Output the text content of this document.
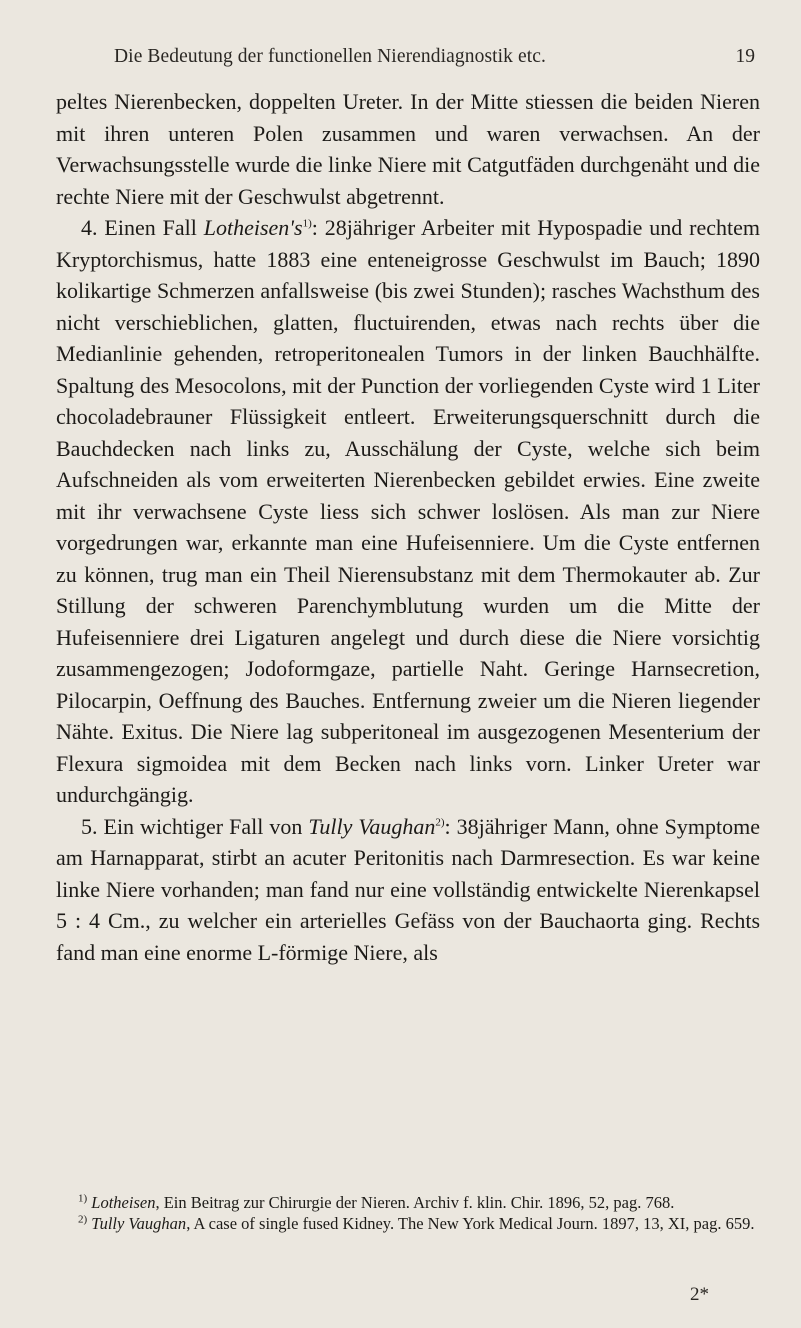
Die Bedeutung der functionellen Nierendiagnostik etc.	19

peltes Nierenbecken, doppelten Ureter. In der Mitte stiessen die beiden Nieren mit ihren unteren Polen zusammen und waren verwachsen. An der Verwachsungsstelle wurde die linke Niere mit Catgutfäden durchgenäht und die rechte Niere mit der Geschwulst abgetrennt.

4. Einen Fall Lotheisen's$^{1)}$: 28jähriger Arbeiter mit Hypospadie und rechtem Kryptorchismus, hatte 1883 eine enteneigrosse Geschwulst im Bauch; 1890 kolikartige Schmerzen anfallsweise (bis zwei Stunden); rasches Wachsthum des nicht verschieblichen, glatten, fluctuirenden, etwas nach rechts über die Medianlinie gehenden, retroperitonealen Tumors in der linken Bauchhälfte. Spaltung des Mesocolons, mit der Punction der vorliegenden Cyste wird 1 Liter chocoladebrauner Flüssigkeit entleert. Erweiterungsquerschnitt durch die Bauchdecken nach links zu, Ausschälung der Cyste, welche sich beim Aufschneiden als vom erweiterten Nierenbecken gebildet erwies. Eine zweite mit ihr verwachsene Cyste liess sich schwer loslösen. Als man zur Niere vorgedrungen war, erkannte man eine Hufeisenniere. Um die Cyste entfernen zu können, trug man ein Theil Nierensubstanz mit dem Thermokauter ab. Zur Stillung der schweren Parenchymblutung wurden um die Mitte der Hufeisenniere drei Ligaturen angelegt und durch diese die Niere vorsichtig zusammengezogen; Jodoformgaze, partielle Naht. Geringe Harnsecretion, Pilocarpin, Oeffnung des Bauches. Entfernung zweier um die Nieren liegender Nähte. Exitus. Die Niere lag subperitoneal im ausgezogenen Mesenterium der Flexura sigmoidea mit dem Becken nach links vorn. Linker Ureter war undurchgängig.

5. Ein wichtiger Fall von Tully Vaughan$^{2)}$: 38jähriger Mann, ohne Symptome am Harnapparat, stirbt an acuter Peritonitis nach Darmresection. Es war keine linke Niere vorhanden; man fand nur eine vollständig entwickelte Nierenkapsel 5 : 4 Cm., zu welcher ein arterielles Gefäss von der Bauchaorta ging. Rechts fand man eine enorme L-förmige Niere, als

$^{1)}$ Lotheisen, Ein Beitrag zur Chirurgie der Nieren. Archiv f. klin. Chir. 1896, 52, pag. 768.

$^{2)}$ Tully Vaughan, A case of single fused Kidney. The New York Medical Journ. 1897, 13, XI, pag. 659.

2*
